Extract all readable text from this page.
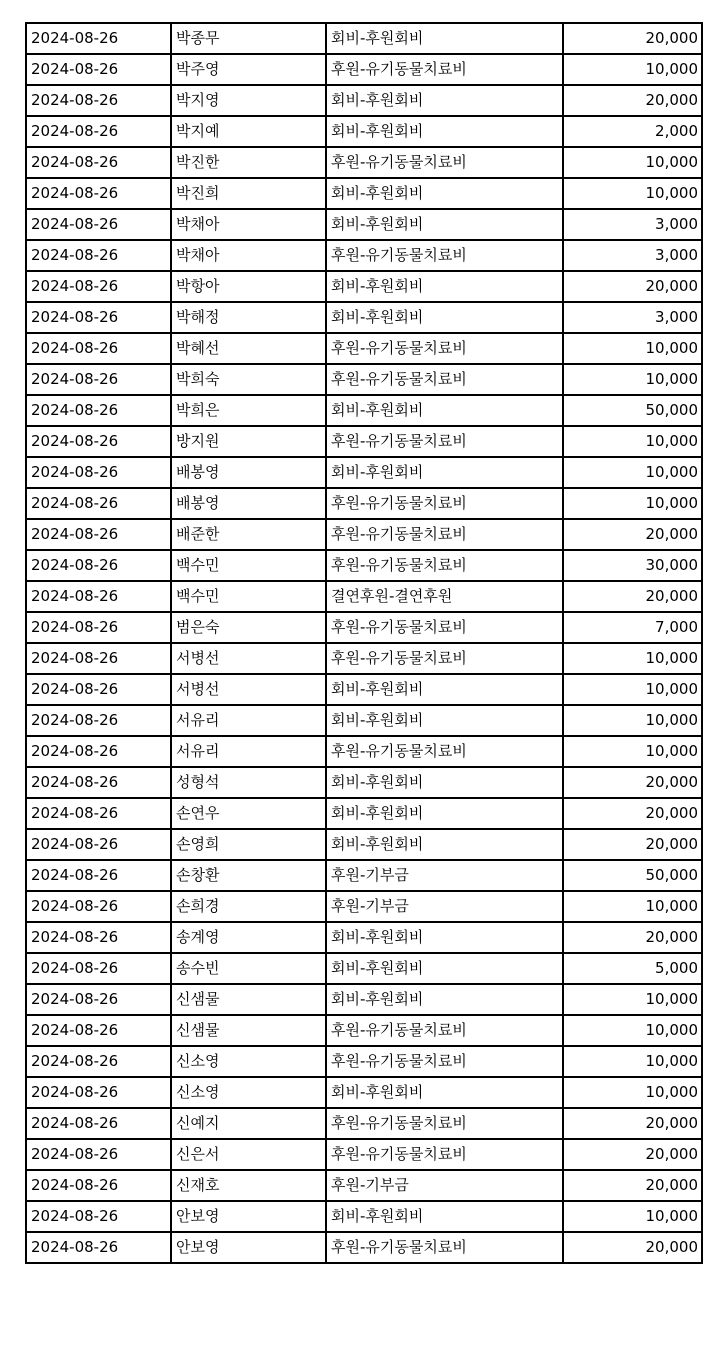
2024-08-26	박종무	회비-후원회비	20,000
2024-08-26	박주영	후원-유기동물치료비	10,000
2024-08-26	박지영	회비-후원회비	20,000
2024-08-26	박지예	회비-후원회비	2,000
2024-08-26	박진한	후원-유기동물치료비	10,000
2024-08-26	박진희	회비-후원회비	10,000
2024-08-26	박채아	회비-후원회비	3,000
2024-08-26	박채아	후원-유기동물치료비	3,000
2024-08-26	박항아	회비-후원회비	20,000
2024-08-26	박해정	회비-후원회비	3,000
2024-08-26	박혜선	후원-유기동물치료비	10,000
2024-08-26	박희숙	후원-유기동물치료비	10,000
2024-08-26	박희은	회비-후원회비	50,000
2024-08-26	방지원	후원-유기동물치료비	10,000
2024-08-26	배봉영	회비-후원회비	10,000
2024-08-26	배봉영	후원-유기동물치료비	10,000
2024-08-26	배준한	후원-유기동물치료비	20,000
2024-08-26	백수민	후원-유기동물치료비	30,000
2024-08-26	백수민	결연후원-결연후원	20,000
2024-08-26	범은숙	후원-유기동물치료비	7,000
2024-08-26	서병선	후원-유기동물치료비	10,000
2024-08-26	서병선	회비-후원회비	10,000
2024-08-26	서유리	회비-후원회비	10,000
2024-08-26	서유리	후원-유기동물치료비	10,000
2024-08-26	성형석	회비-후원회비	20,000
2024-08-26	손연우	회비-후원회비	20,000
2024-08-26	손영희	회비-후원회비	20,000
2024-08-26	손창환	후원-기부금	50,000
2024-08-26	손희경	후원-기부금	10,000
2024-08-26	송계영	회비-후원회비	20,000
2024-08-26	송수빈	회비-후원회비	5,000
2024-08-26	신샘물	회비-후원회비	10,000
2024-08-26	신샘물	후원-유기동물치료비	10,000
2024-08-26	신소영	후원-유기동물치료비	10,000
2024-08-26	신소영	회비-후원회비	10,000
2024-08-26	신예지	후원-유기동물치료비	20,000
2024-08-26	신은서	후원-유기동물치료비	20,000
2024-08-26	신재호	후원-기부금	20,000
2024-08-26	안보영	회비-후원회비	10,000
2024-08-26	안보영	후원-유기동물치료비	20,000
